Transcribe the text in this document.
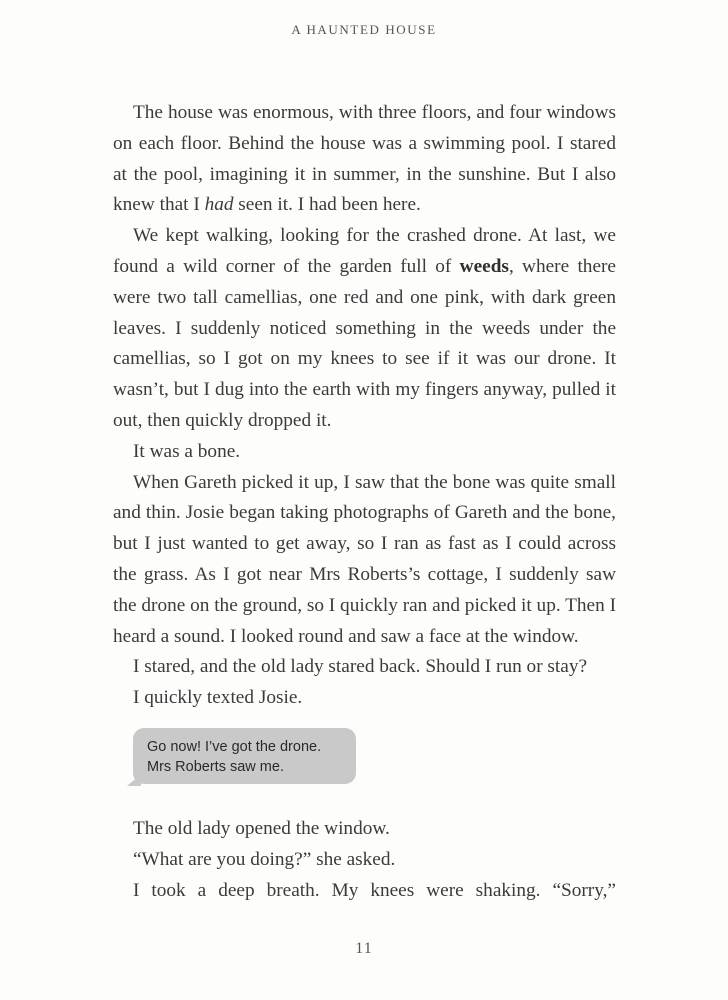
A HAUNTED HOUSE

The house was enormous, with three floors, and four windows on each floor. Behind the house was a swimming pool. I stared at the pool, imagining it in summer, in the sunshine. But I also knew that I had seen it. I had been here.

We kept walking, looking for the crashed drone. At last, we found a wild corner of the garden full of weeds, where there were two tall camellias, one red and one pink, with dark green leaves. I suddenly noticed something in the weeds under the camellias, so I got on my knees to see if it was our drone. It wasn’t, but I dug into the earth with my fingers anyway, pulled it out, then quickly dropped it.

It was a bone.

When Gareth picked it up, I saw that the bone was quite small and thin. Josie began taking photographs of Gareth and the bone, but I just wanted to get away, so I ran as fast as I could across the grass. As I got near Mrs Roberts’s cottage, I suddenly saw the drone on the ground, so I quickly ran and picked it up. Then I heard a sound. I looked round and saw a face at the window.

I stared, and the old lady stared back. Should I run or stay?

I quickly texted Josie.

Go now! I’ve got the drone.
Mrs Roberts saw me.

The old lady opened the window.

“What are you doing?” she asked.

I took a deep breath. My knees were shaking. “Sorry,”

11
